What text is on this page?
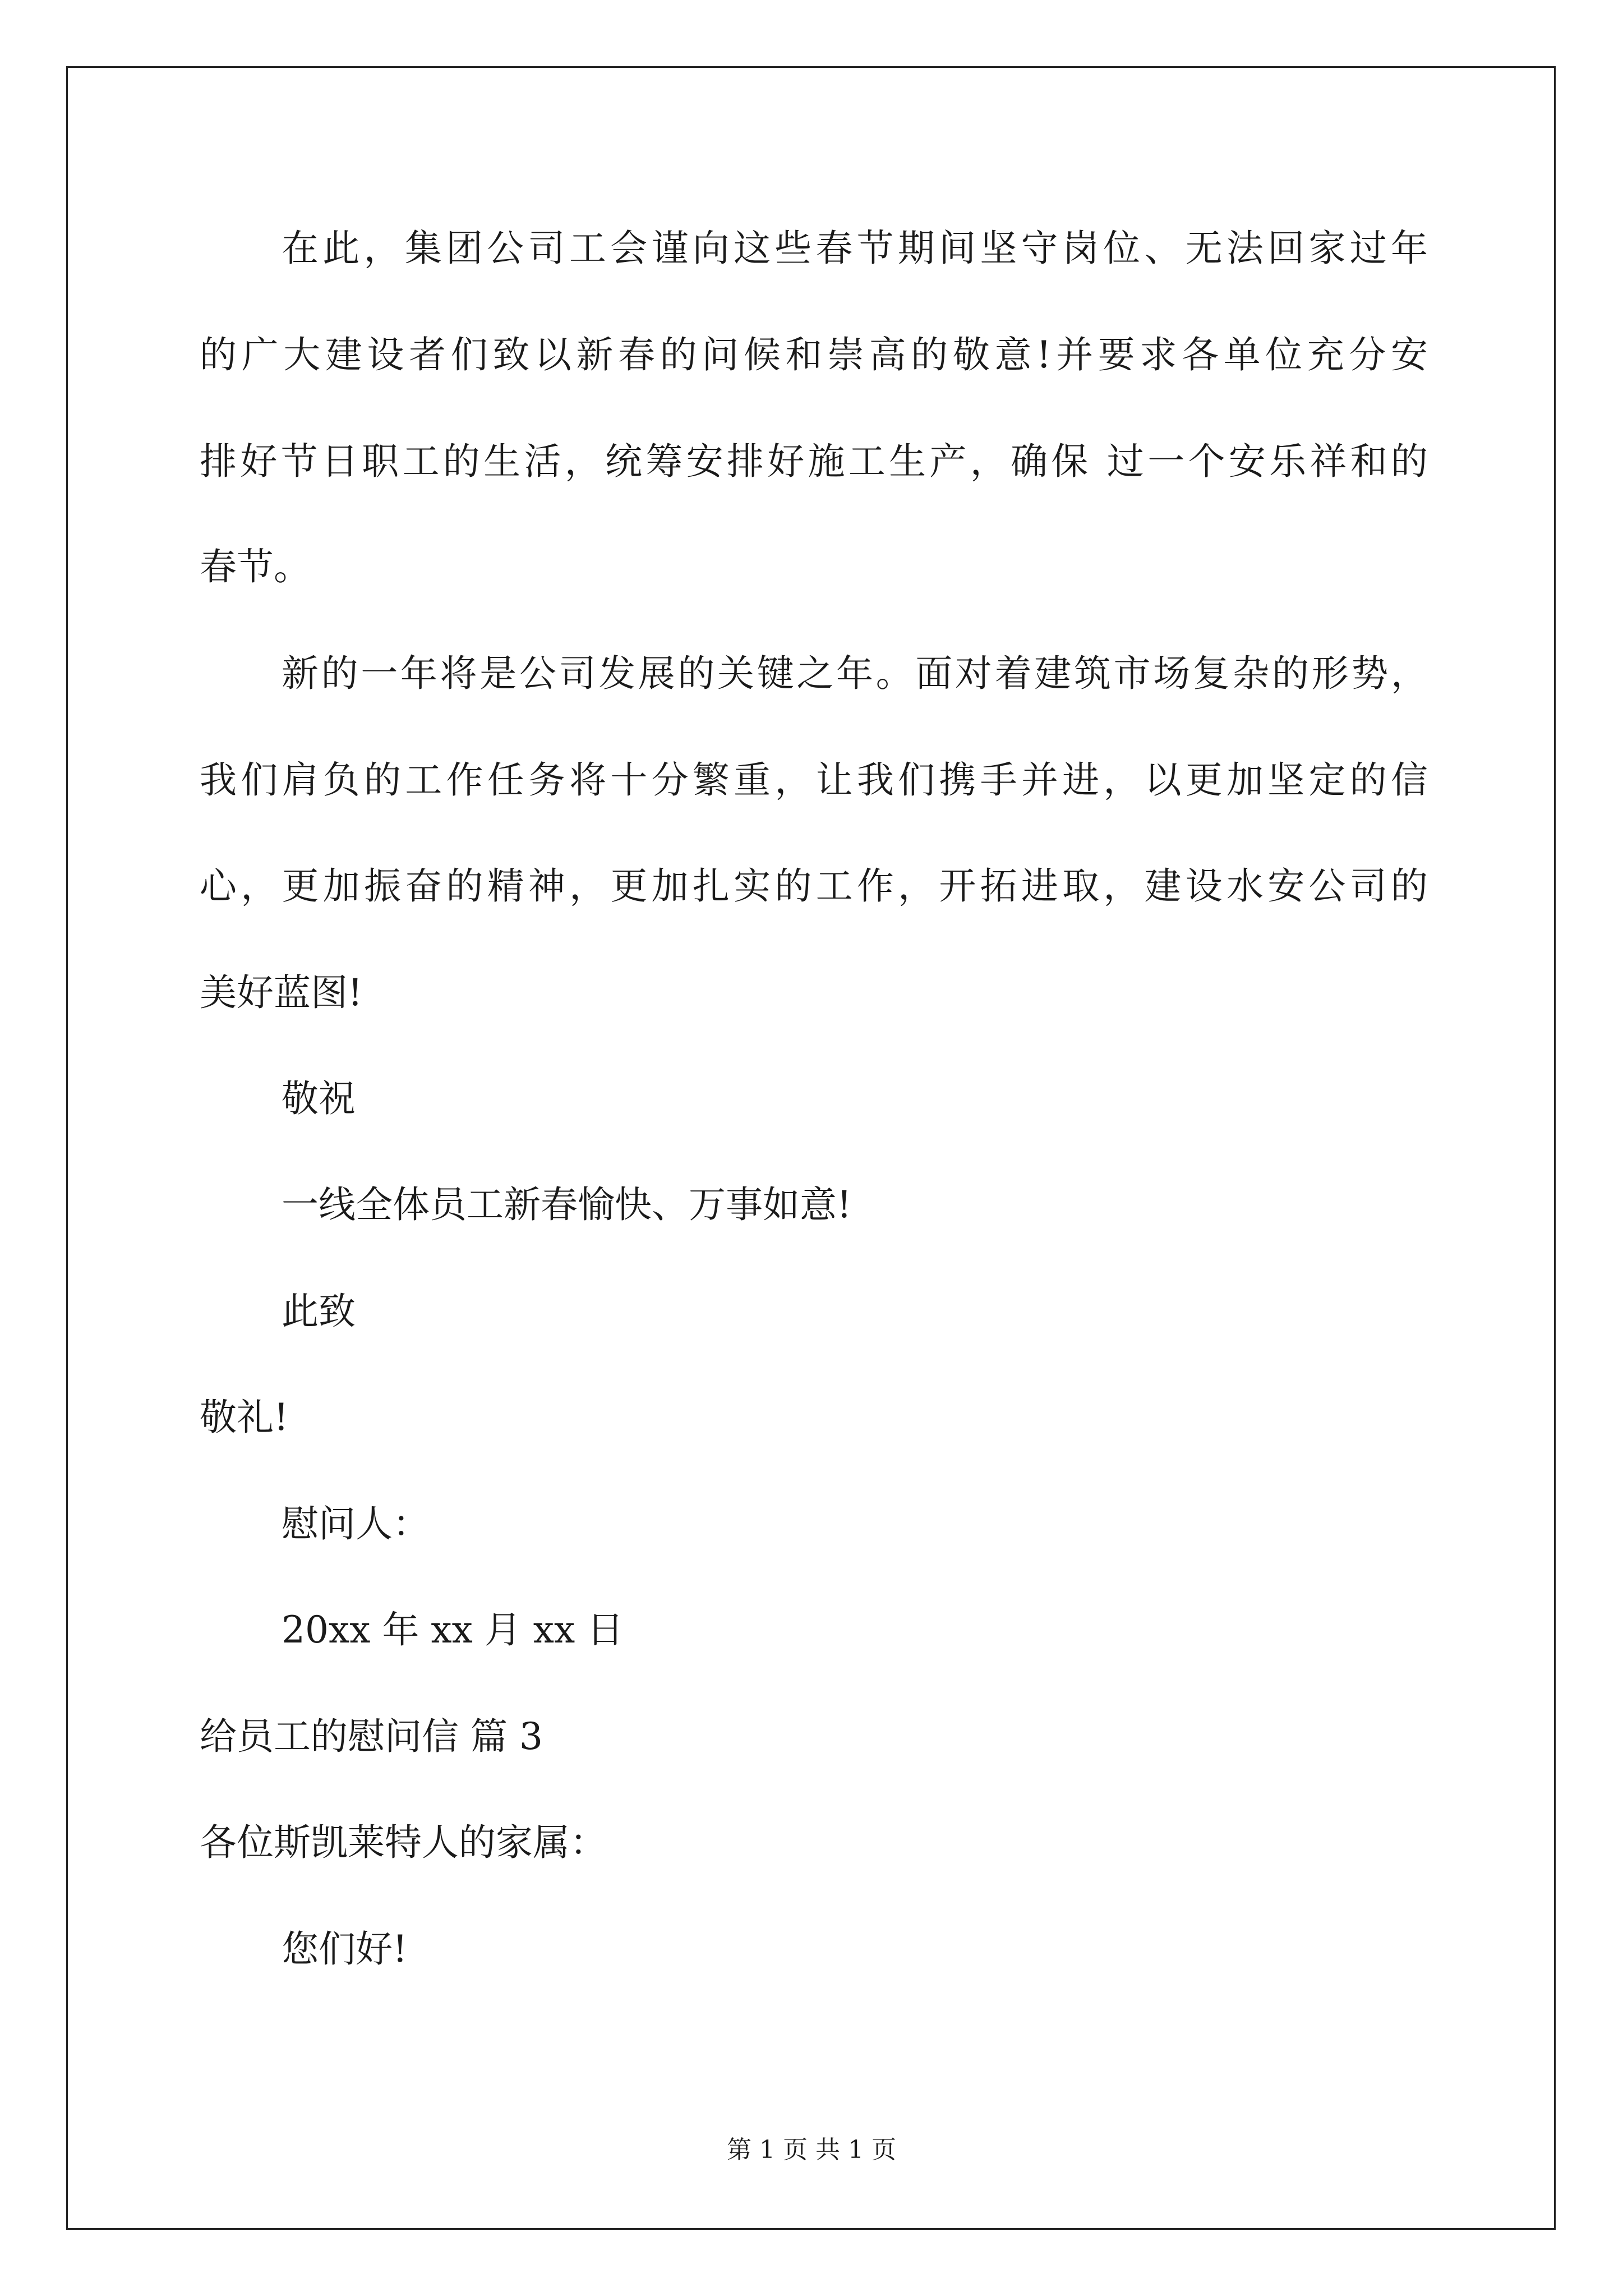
在此，集团公司工会谨向这些春节期间坚守岗位、无法回家过年
的广大建设者们致以新春的问候和崇高的敬意!并要求各单位充分安
排好节日职工的生活，统筹安排好施工生产，确保 过一个安乐祥和的
春节。
新的一年将是公司发展的关键之年。面对着建筑市场复杂的形势，
我们肩负的工作任务将十分繁重，让我们携手并进，以更加坚定的信
心，更加振奋的精神，更加扎实的工作，开拓进取，建设水安公司的
美好蓝图!
敬祝
一线全体员工新春愉快、万事如意!
此致
敬礼!
慰问人：
20xx 年 xx 月 xx 日
给员工的慰问信 篇 3
各位斯凯莱特人的家属：
您们好!
第 1 页 共 1 页
